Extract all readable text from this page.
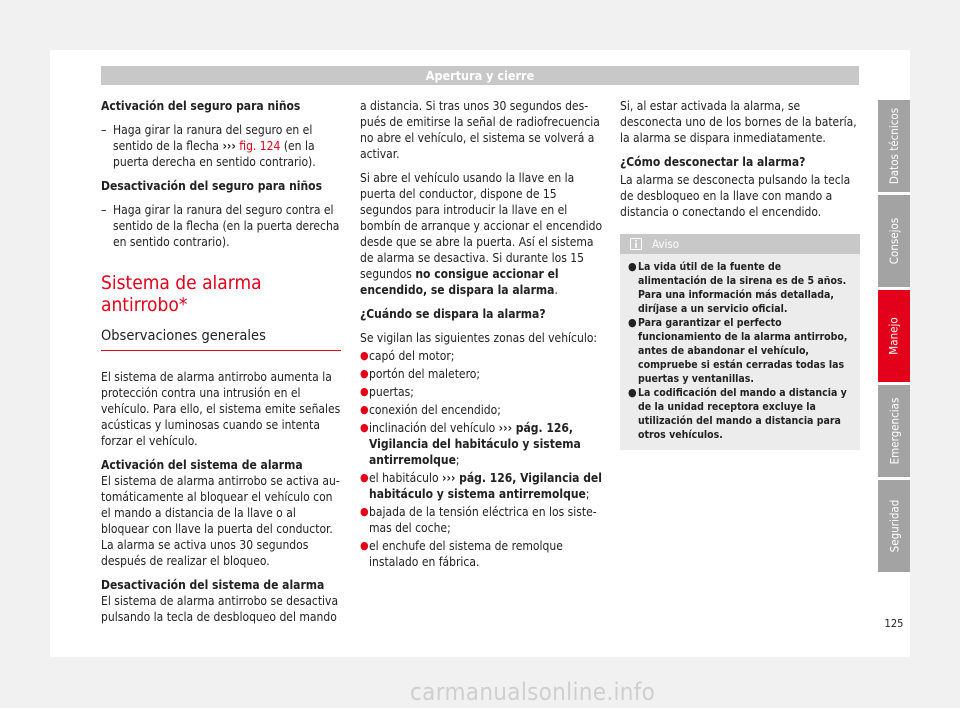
Apertura y cierre

Activación del seguro para niños

– Haga girar la ranura del seguro en el sentido de la flecha ››› fig. 124 (en la puerta derecha en sentido contrario).

Desactivación del seguro para niños

– Haga girar la ranura del seguro contra el sentido de la flecha (en la puerta derecha en sentido contrario).
Sistema de alarma antirrobo*
Observaciones generales

El sistema de alarma antirrobo aumenta la protección contra una intrusión en el vehículo. Para ello, el sistema emite señales acústicas y luminosas cuando se intenta forzar el vehículo.

Activación del sistema de alarma

El sistema de alarma antirrobo se activa automáticamente al bloquear el vehículo con el mando a distancia de la llave o al bloquear con llave la puerta del conductor. La alarma se activa unos 30 segundos después de realizar el bloqueo.

Desactivación del sistema de alarma

El sistema de alarma antirrobo se desactiva pulsando la tecla de desbloqueo del mando

a distancia. Si tras unos 30 segundos después de emitirse la señal de radiofrecuencia no abre el vehículo, el sistema se volverá a activar.

Si abre el vehículo usando la llave en la puerta del conductor, dispone de 15 segundos para introducir la llave en el bombín de arranque y accionar el encendido desde que se abre la puerta. Así el sistema de alarma se desactiva. Si durante los 15 segundos no consigue accionar el encendido, se dispara la alarma.

¿Cuándo se dispara la alarma?

Se vigilan las siguientes zonas del vehículo:

● capó del motor;
● portón del maletero;
● puertas;
● conexión del encendido;
● inclinación del vehículo ››› pág. 126, Vigilancia del habitáculo y sistema antirremolque;
● el habitáculo ››› pág. 126, Vigilancia del habitáculo y sistema antirremolque;
● bajada de la tensión eléctrica en los sistemas del coche;
● el enchufe del sistema de remolque instalado en fábrica.

Si, al estar activada la alarma, se desconecta uno de los bornes de la batería, la alarma se dispara inmediatamente.

¿Cómo desconectar la alarma?

La alarma se desconecta pulsando la tecla de desbloqueo en la llave con mando a distancia o conectando el encendido.

Aviso
● La vida útil de la fuente de alimentación de la sirena es de 5 años. Para una información más detallada, diríjase a un servicio oficial.
● Para garantizar el perfecto funcionamiento de la alarma antirrobo, antes de abandonar el vehículo, compruebe si están cerradas todas las puertas y ventanillas.
● La codificación del mando a distancia y de la unidad receptora excluye la utilización del mando a distancia para otros vehículos.
Datos técnicos
Consejos
Manejo
Emergencias
Seguridad
125
carmanualsonline.info
